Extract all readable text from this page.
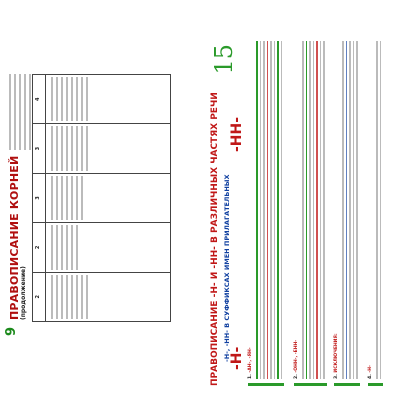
9
ПРАВОПИСАНИЕ КОРНЕЙ (продолжение) 2	2	3	3	4

		ПРАВОПИСАНИЕ -Н- И -НН- В РАЗЛИЧНЫХ ЧАСТЯХ РЕЧИ -Н-, -НН- В СУФФИКСАХ ИМЕН ПРИЛАГАТЕЛЬНЫХ
15
-Н-
-НН-
1. -АН-, -ЯН-
2. -ОНН-, -ЕНН-
3. ИСКЛЮЧЕНИЯ:
4. -Н-
